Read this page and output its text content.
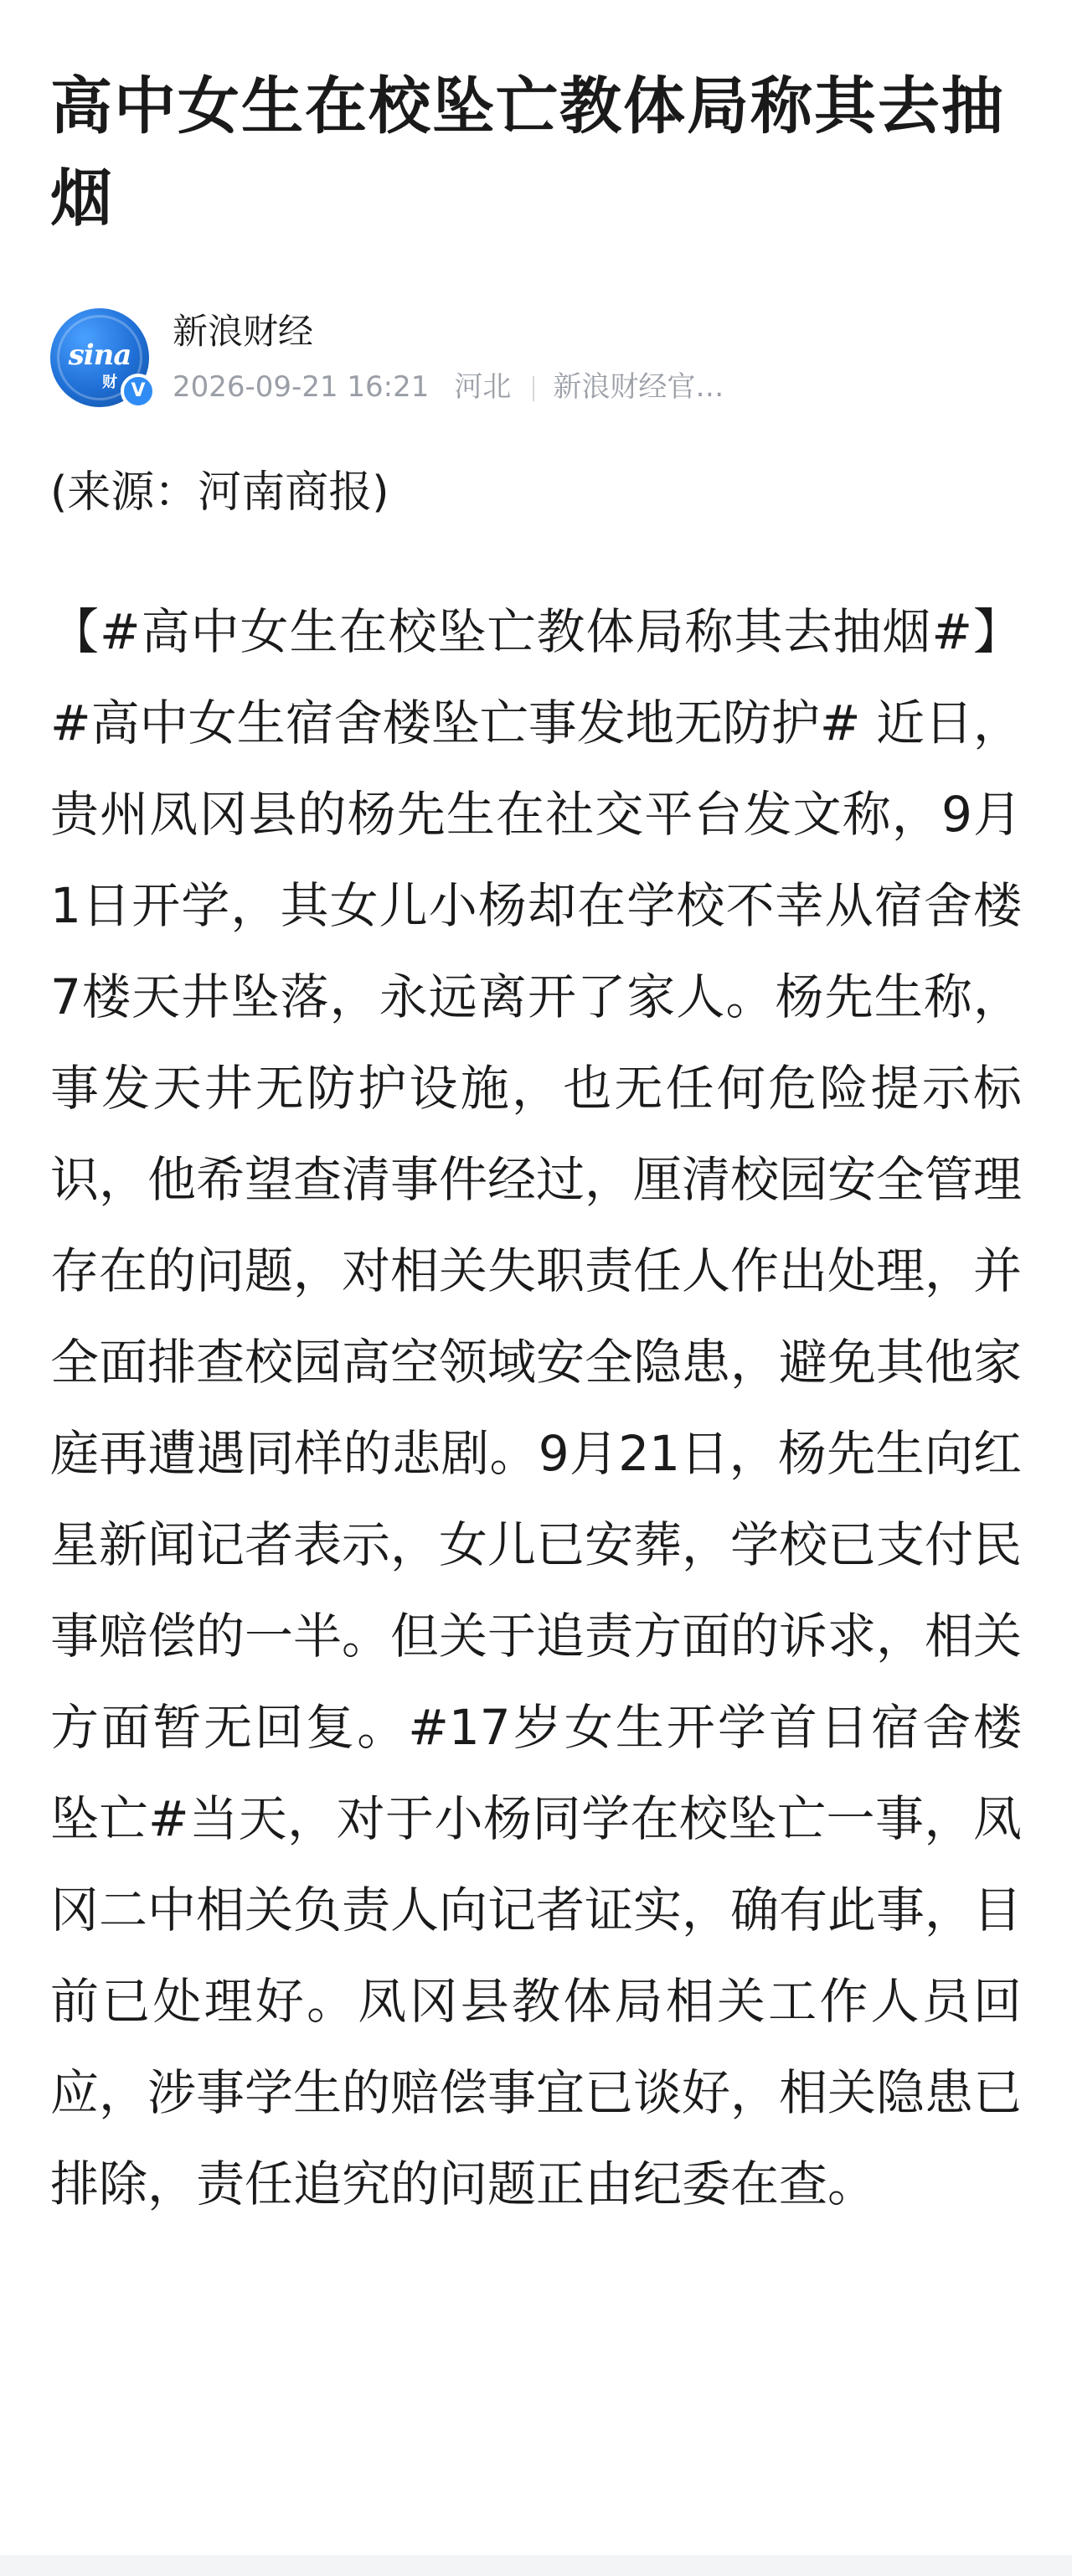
高中女生在校坠亡教体局称其去抽烟
sina
财 V
新浪财经
2026-09-21 16:21 河北 新浪财经官…
(来源：河南商报)
【#高中女生在校坠亡教体局称其去抽烟#】#高中女生宿舍楼坠亡事发地无防护# 近日，贵州凤冈县的杨先生在社交平台发文称，9月1日开学，其女儿小杨却在学校不幸从宿舍楼7楼天井坠落，永远离开了家人。杨先生称，事发天井无防护设施，也无任何危险提示标识，他希望查清事件经过，厘清校园安全管理存在的问题，对相关失职责任人作出处理，并全面排查校园高空领域安全隐患，避免其他家庭再遭遇同样的悲剧。9月21日，杨先生向红星新闻记者表示，女儿已安葬，学校已支付民事赔偿的一半。但关于追责方面的诉求，相关方面暂无回复。#17岁女生开学首日宿舍楼坠亡#当天，对于小杨同学在校坠亡一事，凤冈二中相关负责人向记者证实，确有此事，目前已处理好。凤冈县教体局相关工作人员回应，涉事学生的赔偿事宜已谈好，相关隐患已排除，责任追究的问题正由纪委在查。
